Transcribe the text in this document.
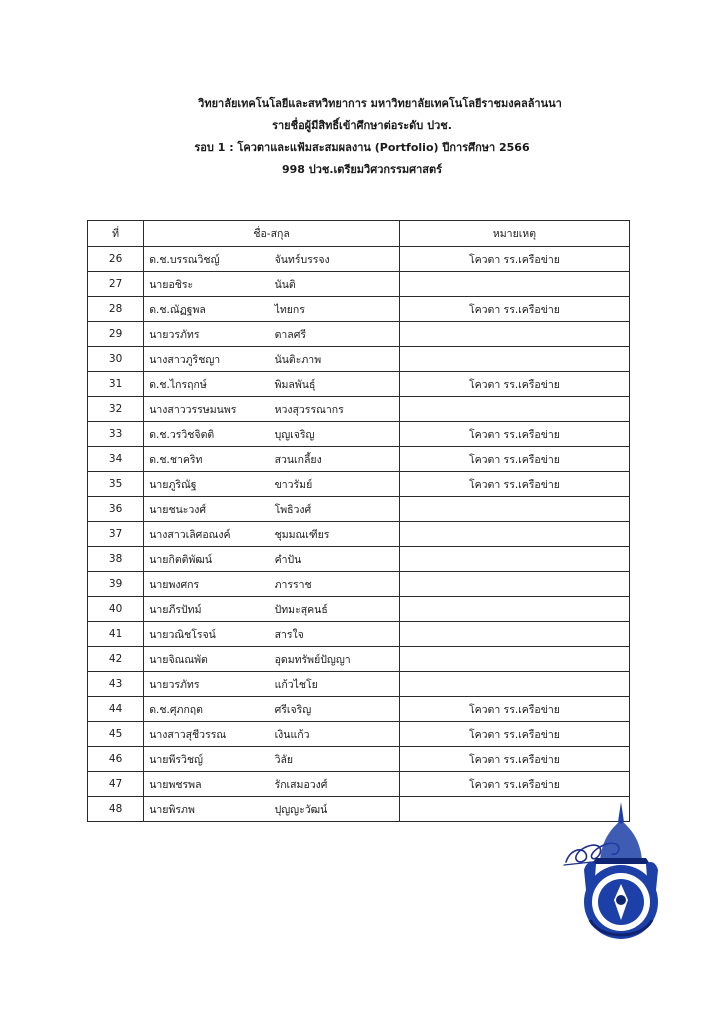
วิทยาลัยเทคโนโลยีและสหวิทยาการ มหาวิทยาลัยเทคโนโลยีราชมงคลล้านนา
รายชื่อผู้มีสิทธิ์เข้าศึกษาต่อระดับ ปวช.
รอบ 1 : โควตาและแฟ้มสะสมผลงาน (Portfolio) ปีการศึกษา 2566
998 ปวช.เตรียมวิศวกรรมศาสตร์
ที่	ชื่อ-สกุล		หมายเหตุ
26	ด.ช.บรรณวิชญ์	จันทร์บรรจง	โควตา รร.เครือข่าย
27	นายอชิระ	นันติ	
28	ด.ช.ณัฏฐพล	ไทยกร	โควตา รร.เครือข่าย
29	นายวรภัทร	ตาลศรี	
30	นางสาวภูริชญา	นันติะภาพ	
31	ด.ช.ไกรฤกษ์	พิมลพันธุ์	โควตา รร.เครือข่าย
32	นางสาววรรษมนพร	หวงสุวรรณากร	
33	ด.ช.วรวิชจิตติ	บุญเจริญ	โควตา รร.เครือข่าย
34	ด.ช.ชาคริท	สวนเกลี้ยง	โควตา รร.เครือข่าย
35	นายภูริณัฐ	ขาวรัมย์	โควตา รร.เครือข่าย
36	นายชนะวงศ์	โพธิวงศ์	
37	นางสาวเลิศอณงค์	ชุมมณเฑียร	
38	นายกิตติพัฒน์	คำปัน	
39	นายพงศกร	ภารราช	
40	นายภีรปัทม์	ปัทมะสุคนธ์	
41	นายวณิชโรจน์	สารใจ	
42	นายจิณณพัต	อุดมทรัพย์ปัญญา	
43	นายวรภัทร	แก้วไชโย	
44	ด.ช.ศุภกฤต	ศรีเจริญ	โควตา รร.เครือข่าย
45	นางสาวสุชีวรรณ	เงินแก้ว	โควตา รร.เครือข่าย
46	นายพีรวิชญ์	วิลัย	โควตา รร.เครือข่าย
47	นายพชรพล	รักเสมอวงศ์	โควตา รร.เครือข่าย
48	นายพิรภพ	ปุญญะวัฒน์	
